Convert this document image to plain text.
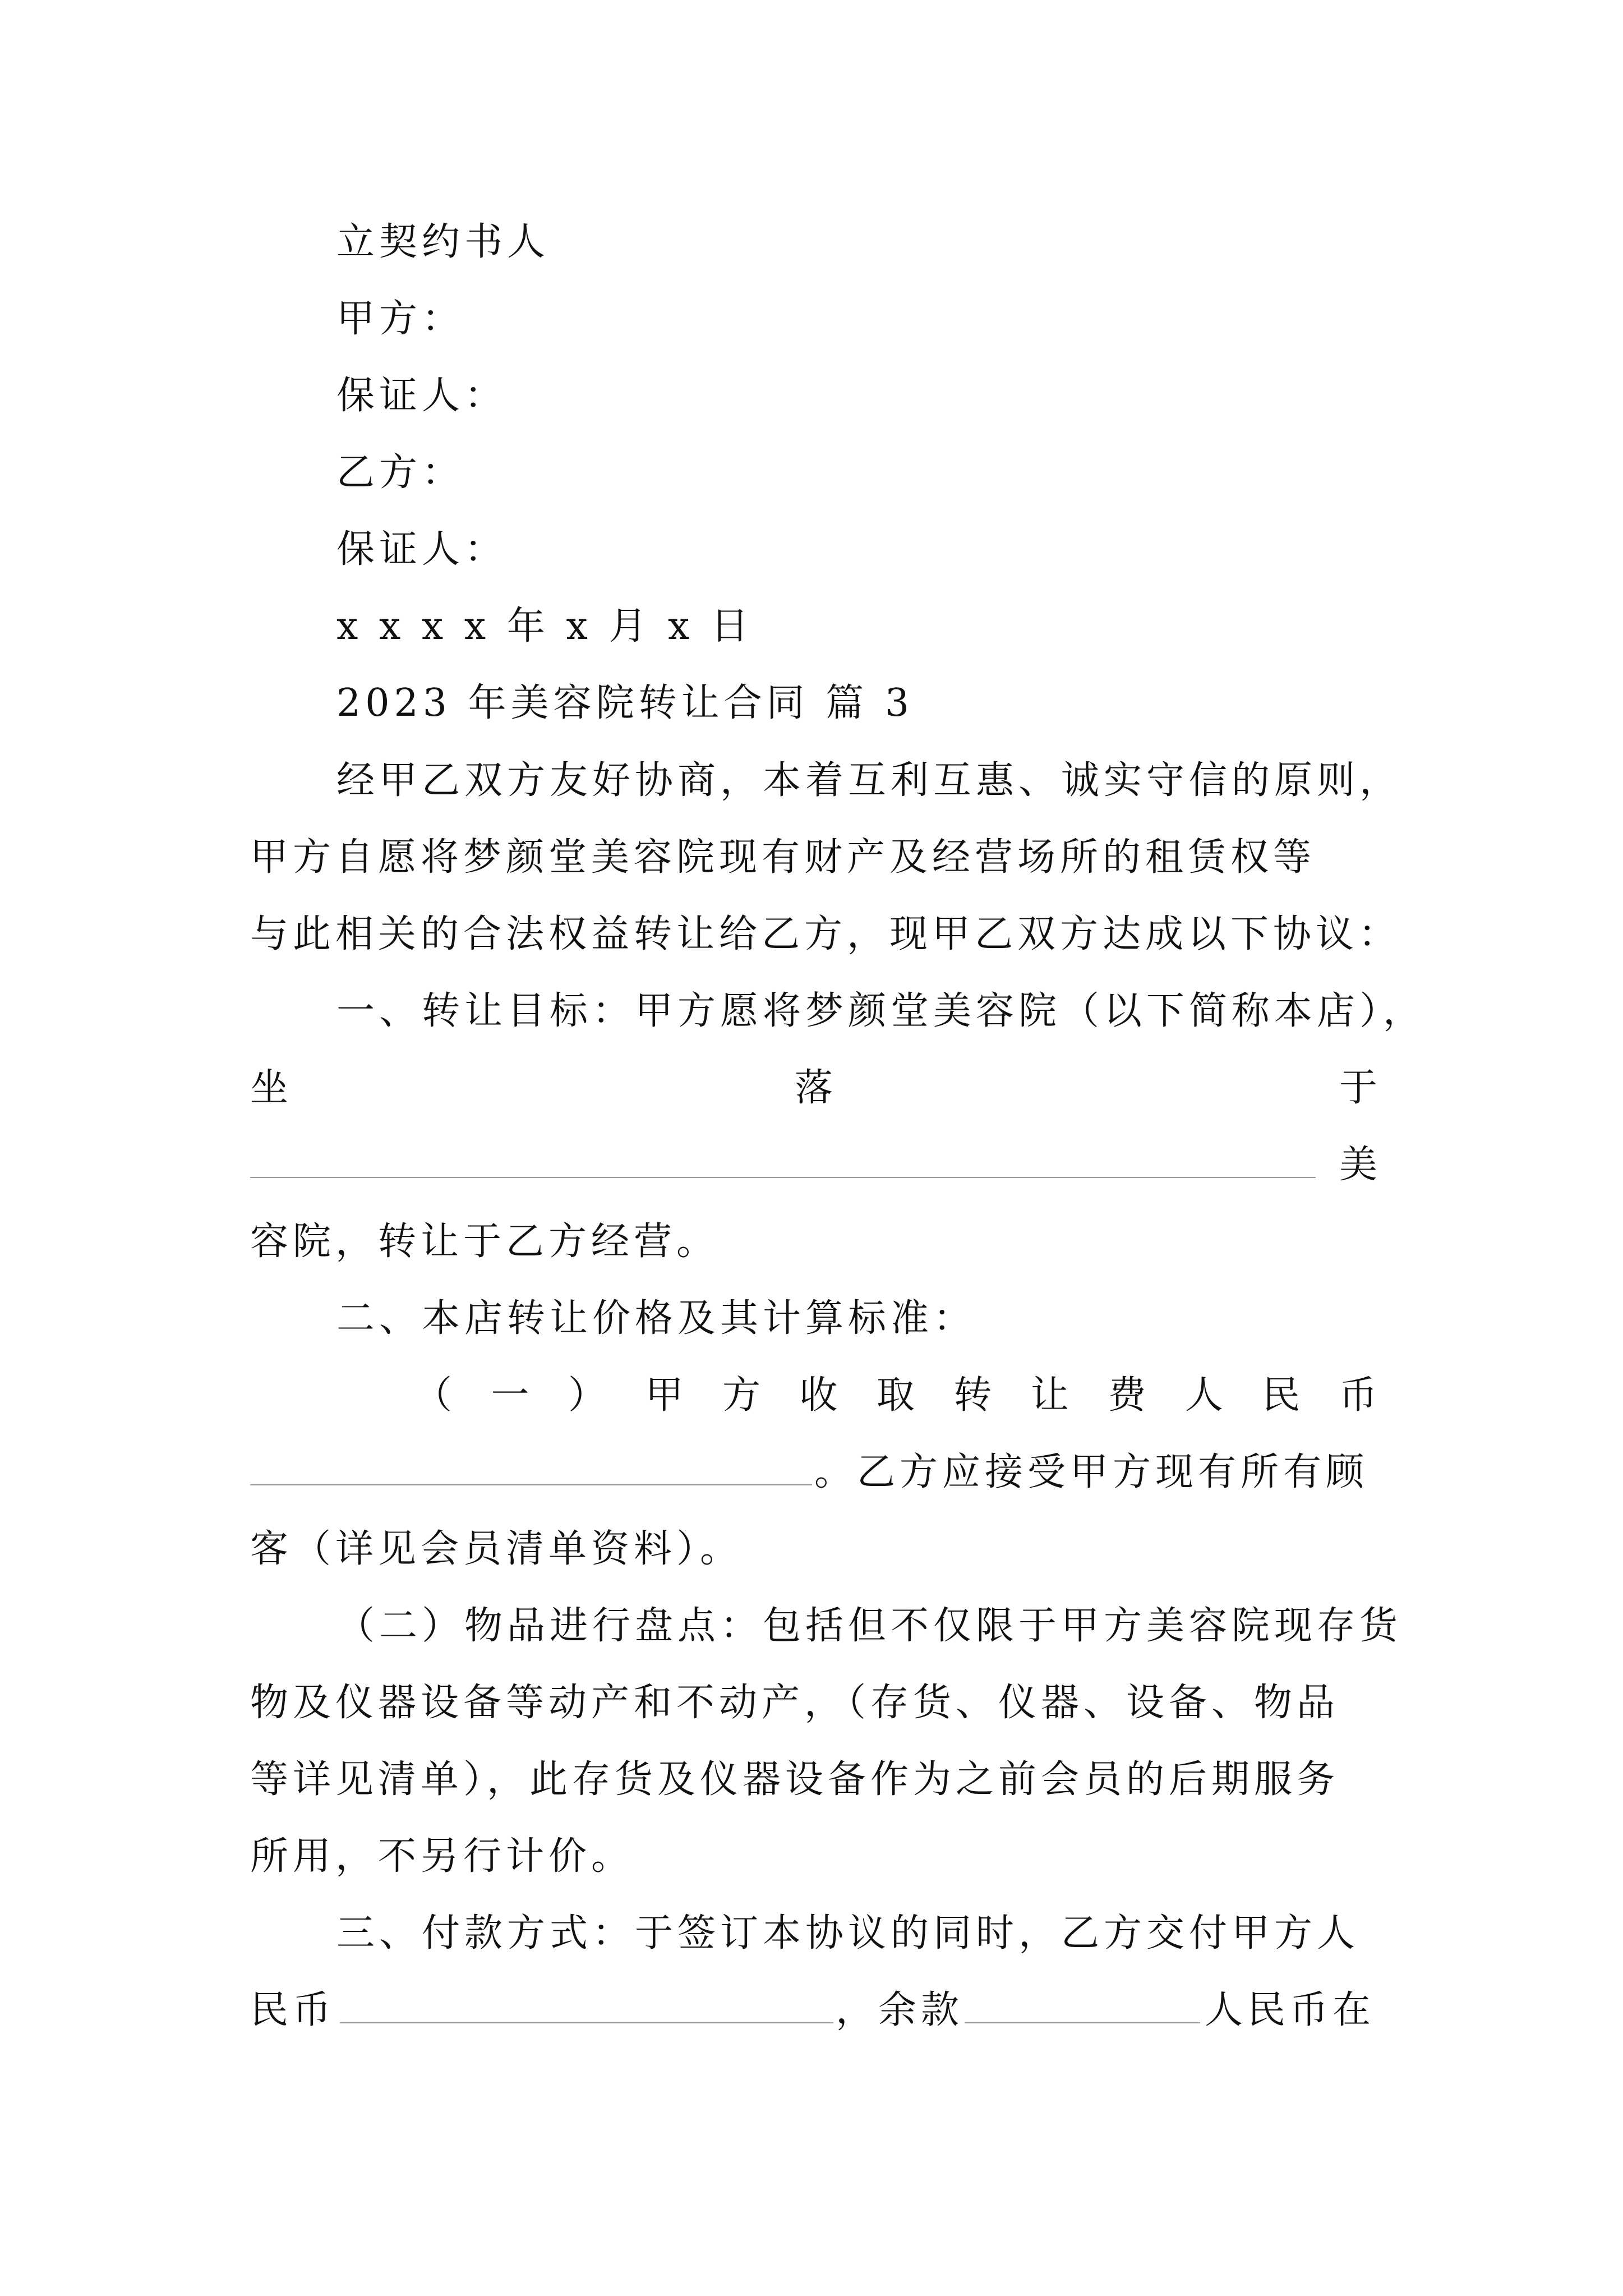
立契约书人
甲方：
保证人：
乙方：
保证人：
x x x x 年 x 月 x 日
2023 年美容院转让合同 篇 3
经甲乙双方友好协商，本着互利互惠、诚实守信的原则，
甲方自愿将梦颜堂美容院现有财产及经营场所的租赁权等
与此相关的合法权益转让给乙方，现甲乙双方达成以下协议：
一、转让目标：甲方愿将梦颜堂美容院（以下简称本店），
坐	落	于
美
容院，转让于乙方经营。
二、本店转让价格及其计算标准：
（ 一 ） 甲 方 收 取 转 让 费 人 民 币
。乙方应接受甲方现有所有顾
客（详见会员清单资料）。
（二）物品进行盘点：包括但不仅限于甲方美容院现存货
物及仪器设备等动产和不动产，（存货、仪器、设备、物品
等详见清单），此存货及仪器设备作为之前会员的后期服务
所用，不另行计价。
三、付款方式：于签订本协议的同时，乙方交付甲方人
民币	，余款	人民币在
